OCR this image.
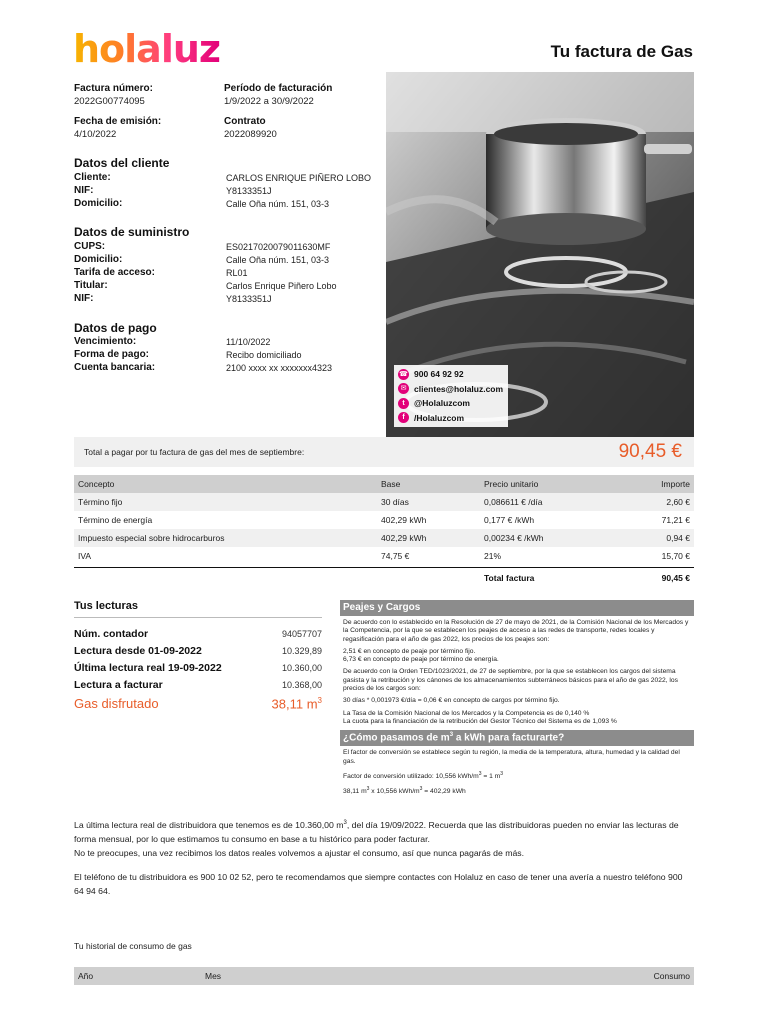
holaluz	Tu factura de Gas
Factura número:
2022G00774095
Período de facturación
1/9/2022 a 30/9/2022
Fecha de emisión:
4/10/2022
Contrato
2022089920
Datos del cliente
Cliente:	CARLOS ENRIQUE PIÑERO LOBO
NIF:	Y8133351J
Domicilio:	Calle Oña núm. 151, 03-3
Datos de suministro
CUPS:	ES0217020079011630MF
Domicilio:	Calle Oña núm. 151, 03-3
Tarifa de acceso:	RL01
Titular:	Carlos Enrique Piñero Lobo
NIF:	Y8133351J
Datos de pago
Vencimiento:	11/10/2022
Forma de pago:	Recibo domiciliado
Cuenta bancaria:	2100 xxxx xx xxxxxxx4323
☎ 900 64 92 92
✉ clientes@holaluz.com
t	@Holaluzcom
f	/Holaluzcom
Total a pagar por tu factura de gas del mes de septiembre:	90,45 €
Concepto	Base	Precio unitario	Importe
Término fijo	30 días	0,086611 € /día	2,60 €
Término de energía	402,29 kWh	0,177 € /kWh	71,21 €
Impuesto especial sobre hidrocarburos	402,29 kWh	0,00234 € /kWh	0,94 €
IVA	74,75 €	21%	15,70 €
Total factura	90,45 €
Tus lecturas
Núm. contador	94057707
Lectura desde 01-09-2022	10.329,89
Última lectura real 19-09-2022	10.360,00
Lectura a facturar	10.368,00
Gas disfrutado	38,11 $m^3$
Peajes y Cargos

De acuerdo con lo establecido en la Resolución de 27 de mayo de 2021, de la Comisión Nacional de los Mercados y la Competencia, por la que se establecen los peajes de acceso a las redes de transporte, redes locales y regasificación para el año de gas 2022, los precios de los peajes son:

2,51 € en concepto de peaje por término fijo.
6,73 € en concepto de peaje por término de energía.

De acuerdo con la Orden TED/1023/2021, de 27 de septiembre, por la que se establecen los cargos del sistema gasista y la retribución y los cánones de los almacenamientos subterráneos básicos para el año de gas 2022, los precios de los cargos son:

30 días * 0,001973 €/día = 0,06 € en concepto de cargos por término fijo.

La Tasa de la Comisión Nacional de los Mercados y la Competencia es de 0,140 %
La cuota para la financiación de la retribución del Gestor Técnico del Sistema es de 1,093 %

¿Cómo pasamos de $m^3$ a kWh para facturarte?

El factor de conversión se establece según tu región, la media de la temperatura, altura, humedad y la calidad del gas.

Factor de conversión utilizado: 10,556 kWh/$m^3 = 1$ $m^3$

38,11 $m^3$ x 10,556 kWh/$m^3 = 402,29$ kWh

La última lectura real de distribuidora que tenemos es de 10.360,00 $m^3$, del día 19/09/2022. Recuerda que las distribuidoras pueden no enviar las lecturas de forma mensual, por lo que estimamos tu consumo en base a tu histórico para poder facturar.
No te preocupes, una vez recibimos los datos reales volvemos a ajustar el consumo, así que nunca pagarás de más.
El teléfono de tu distribuidora es 900 10 02 52, pero te recomendamos que siempre contactes con Holaluz en caso de tener una avería a nuestro teléfono 900 64 94 64.
Tu historial de consumo de gas
Año	Mes	Consumo
